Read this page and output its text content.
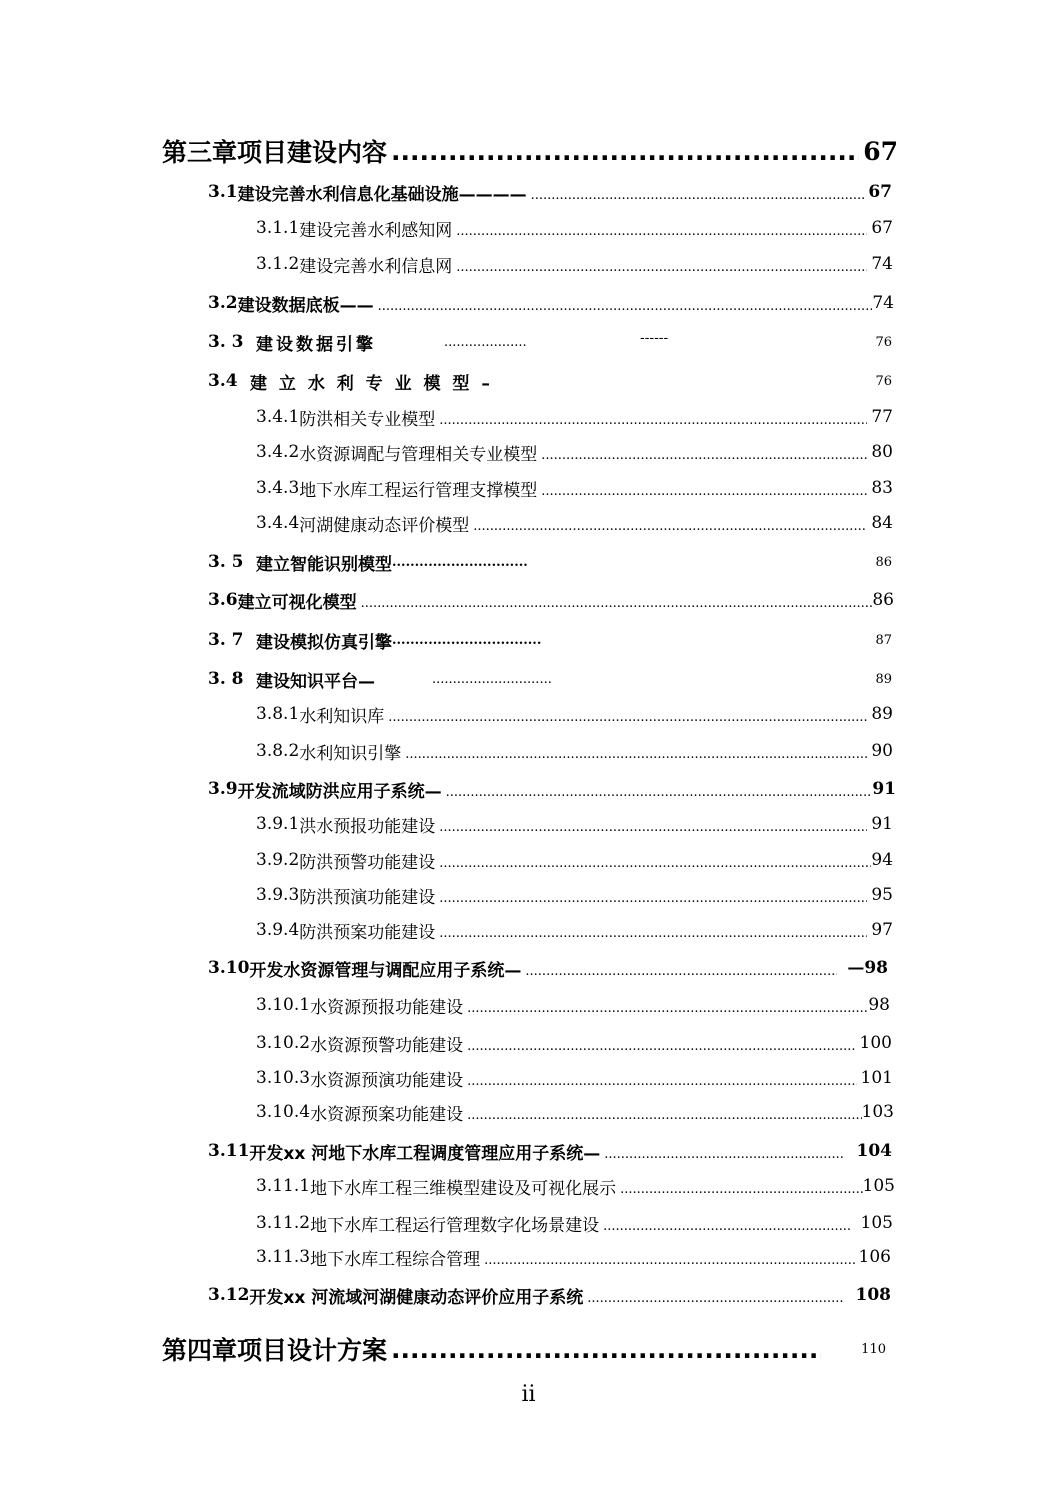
第三章项目建设内容 .....	67
3.1 建设完善水利信息化基础设施———— .....	67
3.1.1 建设完善水利感知网 .....	67
3.1.2 建设完善水利信息网 .....	74
3.2 建设数据底板—— .....	74
3. 3 建设数据引擎	....................	------	76
3.4 建 立 水 利 专 业 模 型 –	76
3.4.1 防洪相关专业模型 .....	77
3.4.2 水资源调配与管理相关专业模型 .....	80
3.4.3 地下水库工程运行管理支撑模型 .....	83
3.4.4 河湖健康动态评价模型 .....	84
3. 5 建立智能识别模型 ..............................	86
3.6 建立可视化模型 .....	86
3. 7 建设模拟仿真引擎 .................................	87
3. 8 建设知识平台—	.............................	89
3.8.1 水利知识库 .....	89
3.8.2 水利知识引擎 .....	90
3.9 开发流域防洪应用子系统— .....	91
3.9.1 洪水预报功能建设 .....	91
3.9.2 防洪预警功能建设 .....	94
3.9.3 防洪预演功能建设 .....	95
3.9.4 防洪预案功能建设 .....	97
3.10 开发水资源管理与调配应用子系统— .....	—98
3.10.1 水资源预报功能建设 .....	98
3.10.2 水资源预警功能建设 .....	100
3.10.3 水资源预演功能建设 .....	101
3.10.4 水资源预案功能建设 .....	103
3.11 开发xx 河地下水库工程调度管理应用子系统— .....	104
3.11.1 地下水库工程三维模型建设及可视化展示 .....	105
3.11.2 地下水库工程运行管理数字化场景建设 .....	105
3.11.3 地下水库工程综合管理 .....	106
3.12 开发xx 河流域河湖健康动态评价应用子系统 .....	108
第四章项目设计方案 .....	110
ii
